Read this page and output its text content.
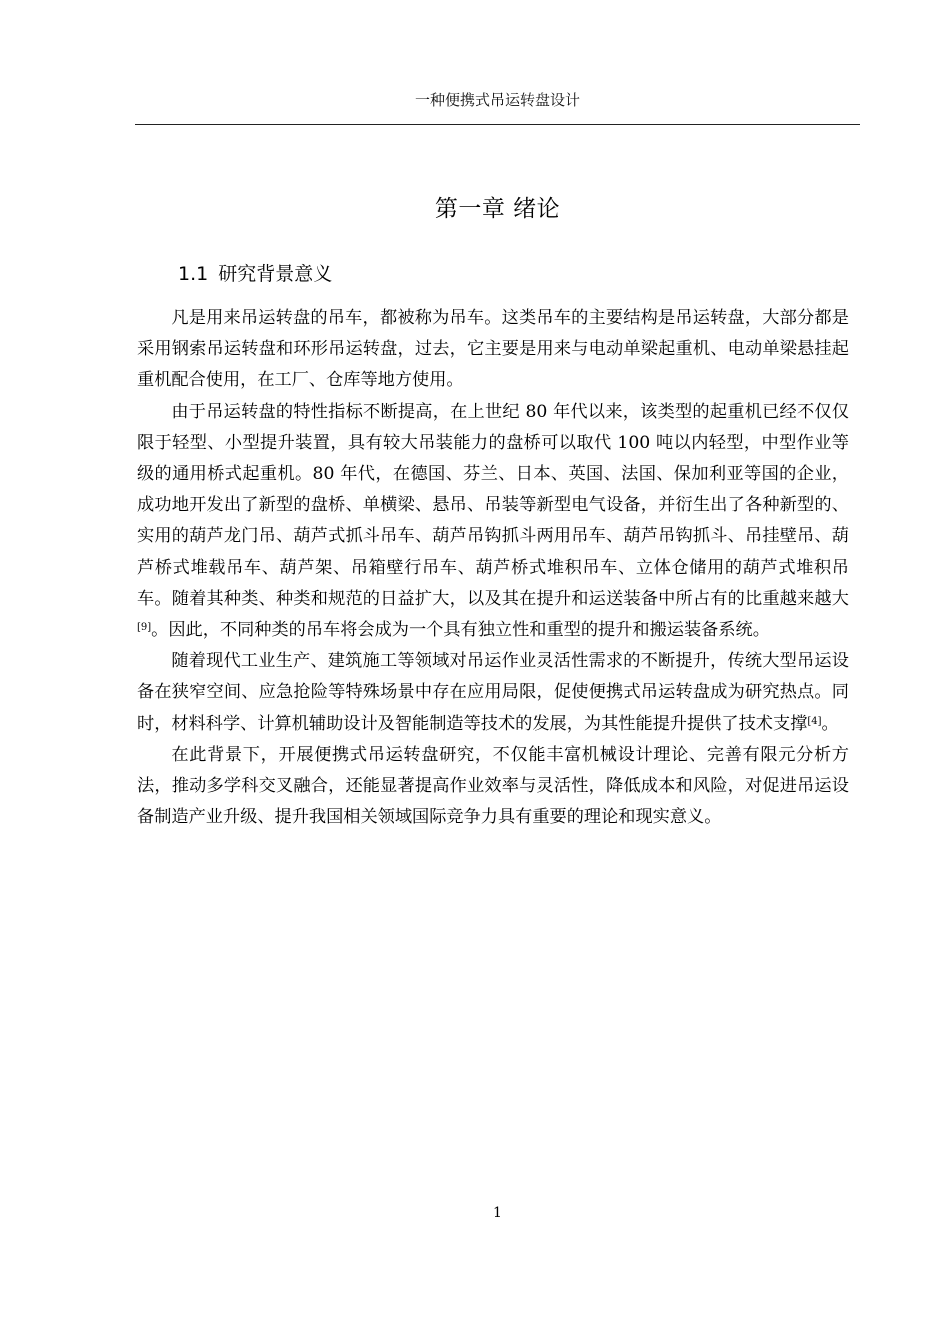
一种便携式吊运转盘设计
第一章 绪论
1.1 研究背景意义

凡是用来吊运转盘的吊车，都被称为吊车。这类吊车的主要结构是吊运转盘，大部分都是采用钢索吊运转盘和环形吊运转盘，过去，它主要是用来与电动单梁起重机、电动单梁悬挂起重机配合使用，在工厂、仓库等地方使用。

由于吊运转盘的特性指标不断提高，在上世纪 80 年代以来，该类型的起重机已经不仅仅限于轻型、小型提升装置，具有较大吊装能力的盘桥可以取代 100 吨以内轻型，中型作业等级的通用桥式起重机。80 年代，在德国、芬兰、日本、英国、法国、保加利亚等国的企业，成功地开发出了新型的盘桥、单横梁、悬吊、吊装等新型电气设备，并衍生出了各种新型的、实用的葫芦龙门吊、葫芦式抓斗吊车、葫芦吊钩抓斗两用吊车、葫芦吊钩抓斗、吊挂壁吊、葫芦桥式堆载吊车、葫芦架、吊箱壁行吊车、葫芦桥式堆积吊车、立体仓储用的葫芦式堆积吊车。随着其种类、种类和规范的日益扩大，以及其在提升和运送装备中所占有的比重越来越大[9]。因此，不同种类的吊车将会成为一个具有独立性和重型的提升和搬运装备系统。

随着现代工业生产、建筑施工等领域对吊运作业灵活性需求的不断提升，传统大型吊运设备在狭窄空间、应急抢险等特殊场景中存在应用局限，促使便携式吊运转盘成为研究热点。同时，材料科学、计算机辅助设计及智能制造等技术的发展，为其性能提升提供了技术支撑[4]。

在此背景下，开展便携式吊运转盘研究，不仅能丰富机械设计理论、完善有限元分析方法，推动多学科交叉融合，还能显著提高作业效率与灵活性，降低成本和风险，对促进吊运设备制造产业升级、提升我国相关领域国际竞争力具有重要的理论和现实意义。

1
